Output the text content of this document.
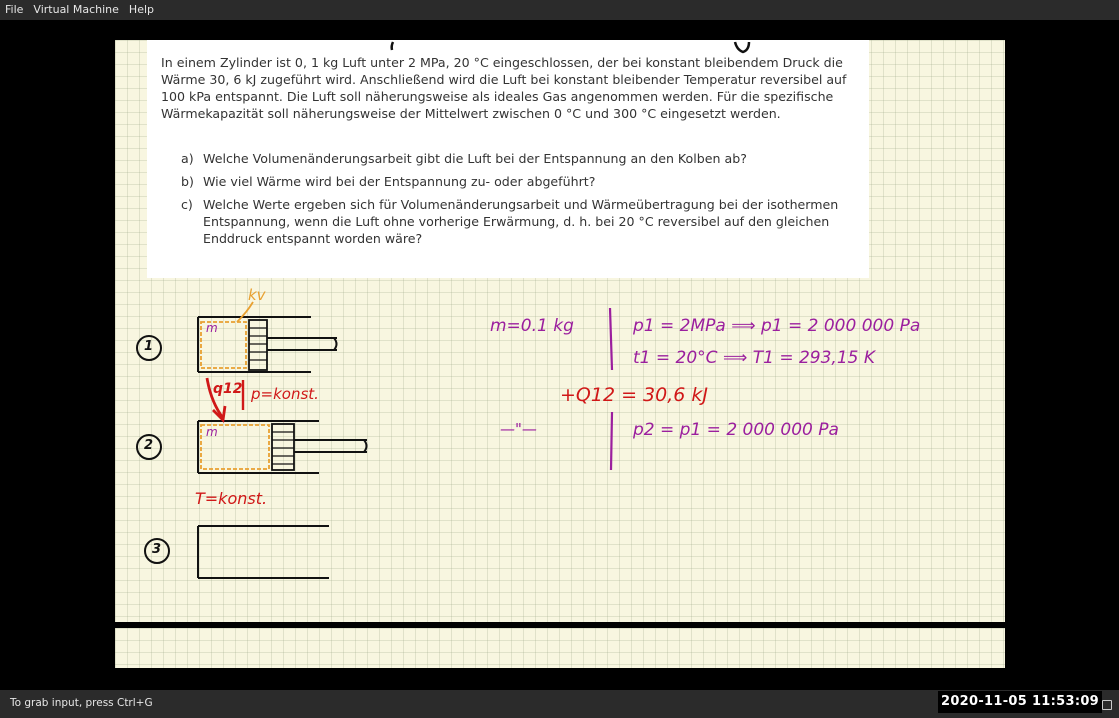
File Virtual Machine Help

In einem Zylinder ist 0, 1 kg Luft unter 2 MPa, 20 °C eingeschlossen, der bei konstant bleibendem Druck die Wärme 30, 6 kJ zugeführt wird. Anschließend wird die Luft bei konstant bleibender Temperatur reversibel auf 100 kPa entspannt. Die Luft soll näherungsweise als ideales Gas angenommen werden. Für die spezifische Wärmekapazität soll näherungsweise der Mittelwert zwischen 0 °C und 300 °C eingesetzt werden.

a) Welche Volumenänderungsarbeit gibt die Luft bei der Entspannung an den Kolben ab?
b) Wie viel Wärme wird bei der Entspannung zu- oder abgeführt?
c) Welche Werte ergeben sich für Volumenänderungsarbeit und Wärmeübertragung bei der isothermen Entspannung, wenn die Luft ohne vorherige Erwärmung, d. h. bei 20 °C reversibel auf den gleichen Enddruck entspannt worden wäre?
kv
1
2
3
m
m
q12 p=konst.
T=konst.
m=0.1 kg	p1 = 2MPa ⟹ p1 = 2 000 000 Pa
t1 = 20°C ⟹ T1 = 293,15 K
+Q12 = 30,6 kJ
—"—	p2 = p1 = 2 000 000 Pa
To grab input, press Ctrl+G	2020-11-05 11:53:09
